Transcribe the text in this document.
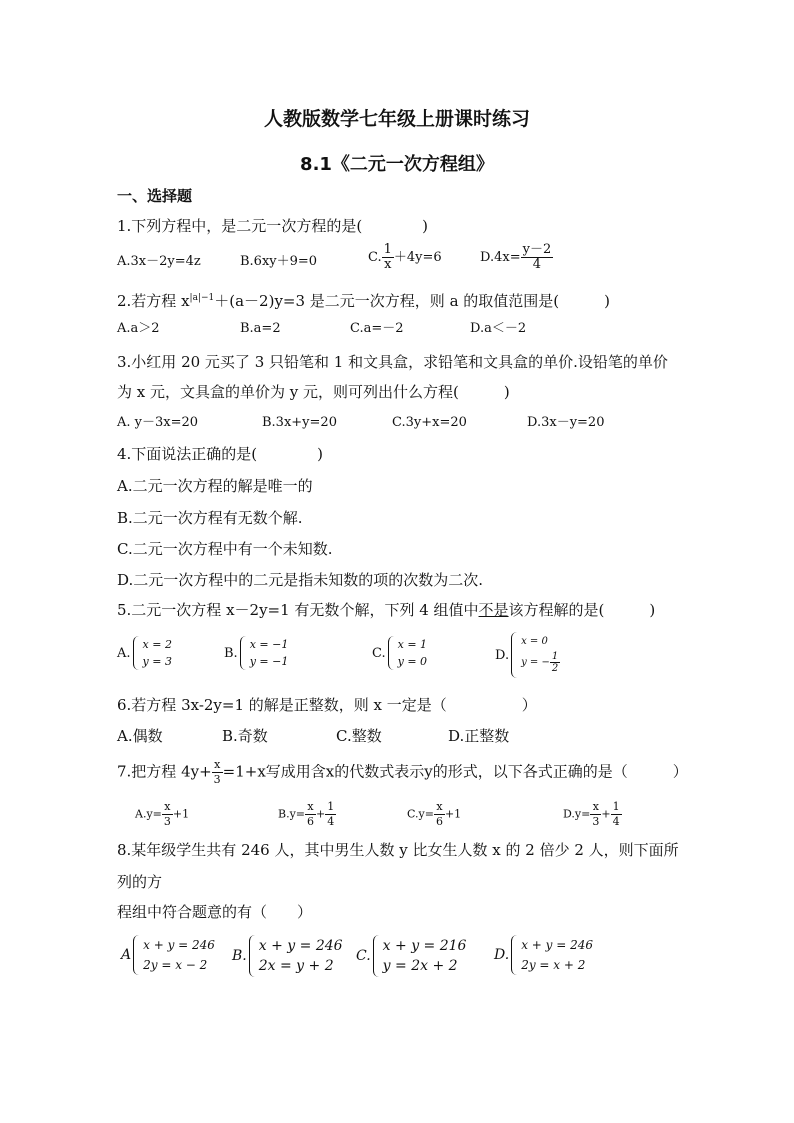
人教版数学七年级上册课时练习
8.1《二元一次方程组》
一、选择题
1.下列方程中，是二元一次方程的是(　　　　)
A.3x－2y=4z	B.6xy＋9=0	C. $\frac{1}{x} +4y=6$	$D.4x= \frac{y-2}{4}$
2.若方程 $x^{|a|-1}+(a-2)y=3$ 是二元一次方程，则 a 的取值范围是(　　　)
A.a＞2	B.a=2	C.a=－2	D.a＜－2
3.小红用 20 元买了 3 只铅笔和 1 和文具盒，求铅笔和文具盒的单价.设铅笔的单价
为 x 元，文具盒的单价为 y 元，则可列出什么方程(　　　)
A. y－3x=20	B.3x+y=20	C.3y+x=20	D.3x－y=20
4.下面说法正确的是(　　　　)
A.二元一次方程的解是唯一的
B.二元一次方程有无数个解.
C.二元一次方程中有一个未知数.
D.二元一次方程中的二元是指未知数的项的次数为二次.
5.二元一次方程 x－2y=1 有无数个解，下列 4 组值中不是该方程解的是(　　　)
A.
x = 2
y = 3
B.
x = −1
y = −1
C.
x = 1
y = 0	D.
x = 0
y = − $\frac{1}{2}$
6.若方程 3x-2y=1 的解是正整数，则 x 一定是（　　　　　）
A.偶数	B.奇数	C.整数	D.正整数
7.把方程 $4y+ \frac{x}{3} =1+x$写成用含x的代数式表示y的形式，以下各式正确的是（　　　）
$A.y= \frac{x}{3} +1$	$B.y= \frac{x}{6} + \frac{1}{4}$	$C.y= \frac{x}{6} +1$	$D.y= \frac{x}{3} + \frac{1}{4}$
8.某年级学生共有 246 人，其中男生人数 y 比女生人数 x 的 2 倍少 2 人，则下面所
列的方
程组中符合题意的有（　　）
A
x + y = 246
2y = x − 2
B.
x + y = 246
2x = y + 2
C.
x + y = 216
y = 2x + 2
D.
x + y = 246
2y = x + 2
